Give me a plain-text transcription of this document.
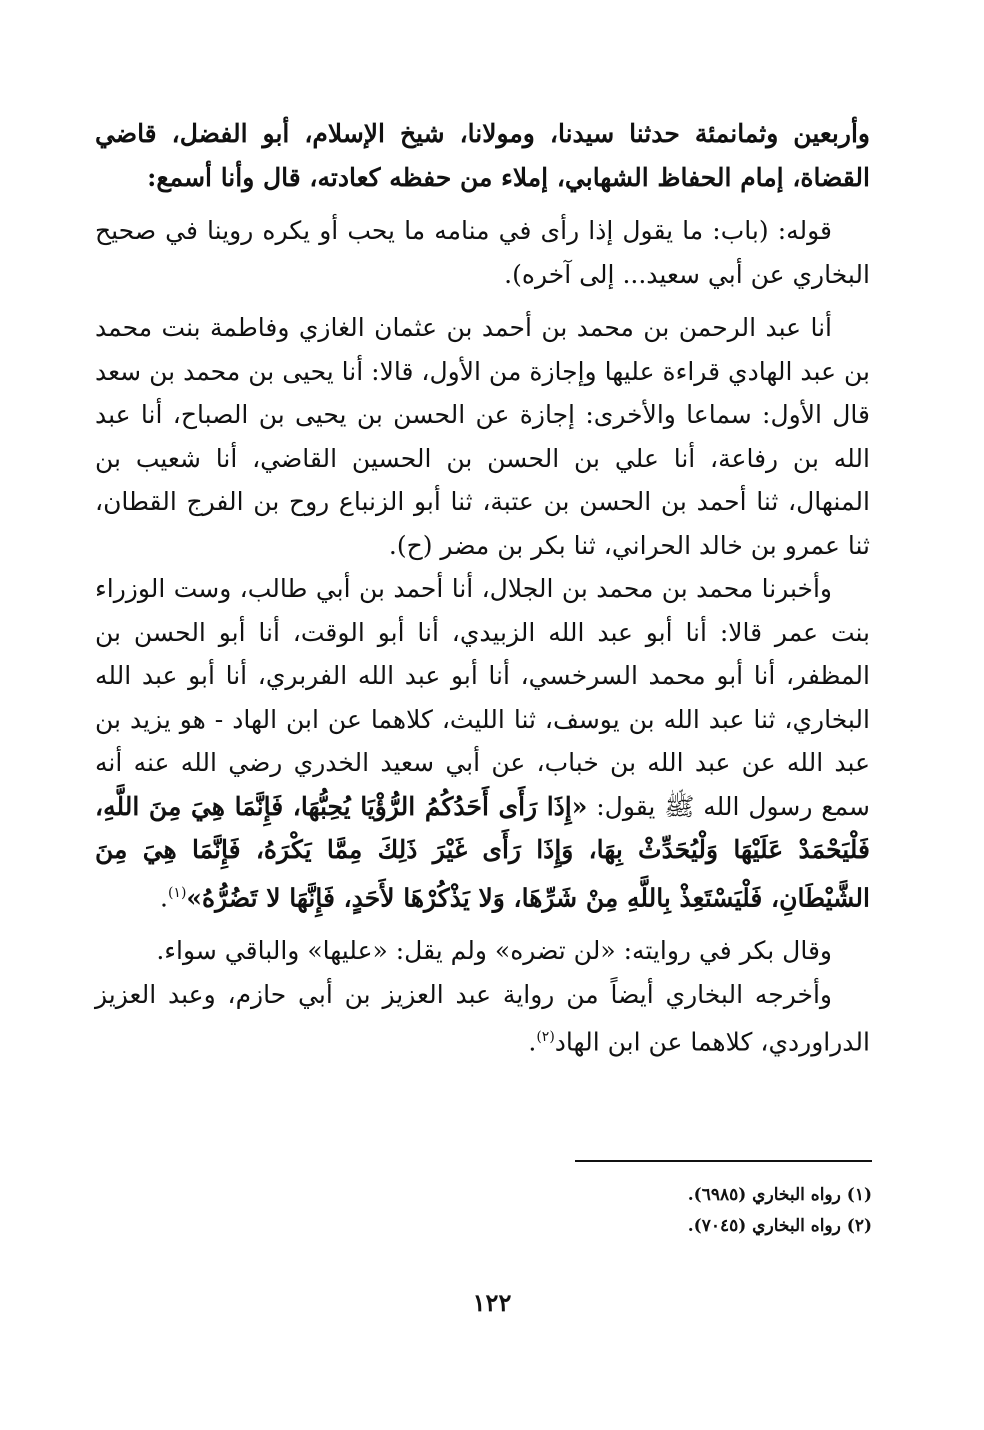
وأربعين وثمانمئة حدثنا سيدنا، ومولانا، شيخ الإسلام، أبو الفضل، قاضي القضاة، إمام الحفاظ الشهابي، إملاء من حفظه كعادته، قال وأنا أسمع:

قوله: (باب: ما يقول إذا رأى في منامه ما يحب أو يكره روينا في صحيح البخاري عن أبي سعيد... إلى آخره).

أنا عبد الرحمن بن محمد بن أحمد بن عثمان الغازي وفاطمة بنت محمد بن عبد الهادي قراءة عليها وإجازة من الأول، قالا: أنا يحيى بن محمد بن سعد قال الأول: سماعا والأخرى: إجازة عن الحسن بن يحيى بن الصباح، أنا عبد الله بن رفاعة، أنا علي بن الحسن بن الحسين القاضي، أنا شعيب بن المنهال، ثنا أحمد بن الحسن بن عتبة، ثنا أبو الزنباع روح بن الفرج القطان، ثنا عمرو بن خالد الحراني، ثنا بكر بن مضر (ح).

وأخبرنا محمد بن محمد بن الجلال، أنا أحمد بن أبي طالب، وست الوزراء بنت عمر قالا: أنا أبو عبد الله الزبيدي، أنا أبو الوقت، أنا أبو الحسن بن المظفر، أنا أبو محمد السرخسي، أنا أبو عبد الله الفربري، أنا أبو عبد الله البخاري، ثنا عبد الله بن يوسف، ثنا الليث، كلاهما عن ابن الهاد - هو يزيد بن عبد الله عن عبد الله بن خباب، عن أبي سعيد الخدري رضي الله عنه أنه سمع رسول الله ﷺ يقول: «إِذَا رَأَى أَحَدُكُمُ الرُّؤْيَا يُحِبُّهَا، فَإِنَّمَا هِيَ مِنَ اللَّهِ، فَلْيَحْمَدْ عَلَيْهَا وَلْيُحَدِّثْ بِهَا، وَإِذَا رَأَى غَيْرَ ذَلِكَ مِمَّا يَكْرَهُ، فَإِنَّمَا هِيَ مِنَ الشَّيْطَانِ، فَلْيَسْتَعِذْ بِاللَّهِ مِنْ شَرِّهَا، وَلا يَذْكُرْهَا لأَحَدٍ، فَإِنَّهَا لا تَضُرُّهُ»$^{(١)}$.

وقال بكر في روايته: «لن تضره» ولم يقل: «عليها» والباقي سواء.

وأخرجه البخاري أيضاً من رواية عبد العزيز بن أبي حازم، وعبد العزيز الدراوردي، كلاهما عن ابن الهاد$^{(٢)}$.

(١) رواه البخاري (٦٩٨٥).

(٢) رواه البخاري (٧٠٤٥).

١٢٢
